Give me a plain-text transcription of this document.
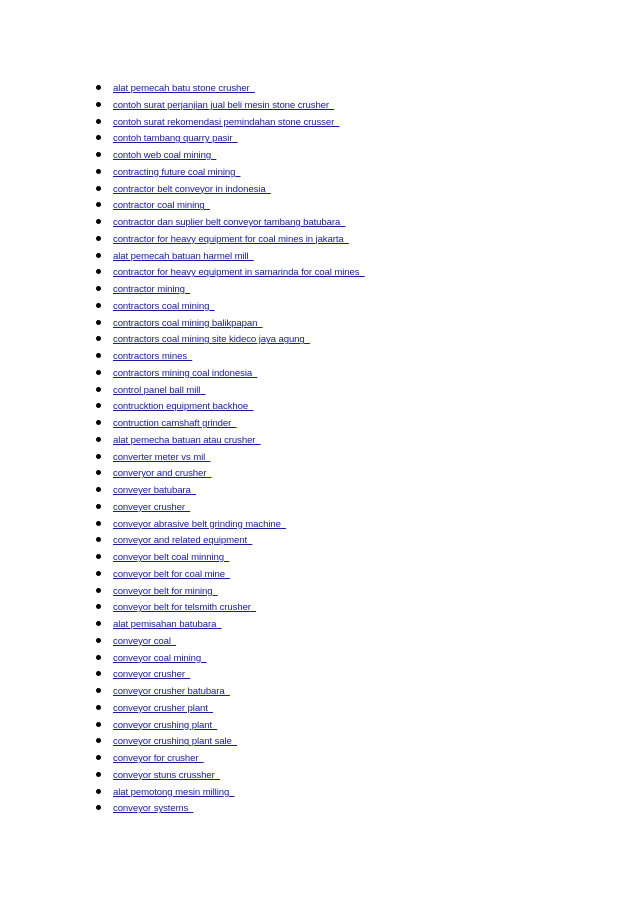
alat pemecah batu stone crusher
contoh surat perjanjian jual beli mesin stone crusher
contoh surat rekomendasi pemindahan stone crusser
contoh tambang quarry pasir
contoh web coal mining
contracting future coal mining
contractor belt conveyor in indonesia
contractor coal mining
contractor dan suplier belt conveyor tambang batubara
contractor for heavy equipment for coal mines in jakarta
alat pemecah batuan harmel mill
contractor for heavy equipment in samarinda for coal mines
contractor mining
contractors coal mining
contractors coal mining balikpapan
contractors coal mining site kideco jaya agung
contractors mines
contractors mining coal indonesia
control panel ball mill
contrucktion equipment backhoe
contruction camshaft grinder
alat pemecha batuan atau crusher
converter meter vs mil
converyor and crusher
conveyer batubara
conveyer crusher
conveyor abrasive belt grinding machine
conveyor and related equipment
conveyor belt coal minning
conveyor belt for coal mine
conveyor belt for mining
conveyor belt for telsmith crusher
alat pemisahan batubara
conveyor coal
conveyor coal mining
conveyor crusher
conveyor crusher batubara
conveyor crusher plant
conveyor crushing plant
conveyor crushing plant sale
conveyor for crusher
conveyor stuns crussher
alat pemotong mesin milling
conveyor systems
